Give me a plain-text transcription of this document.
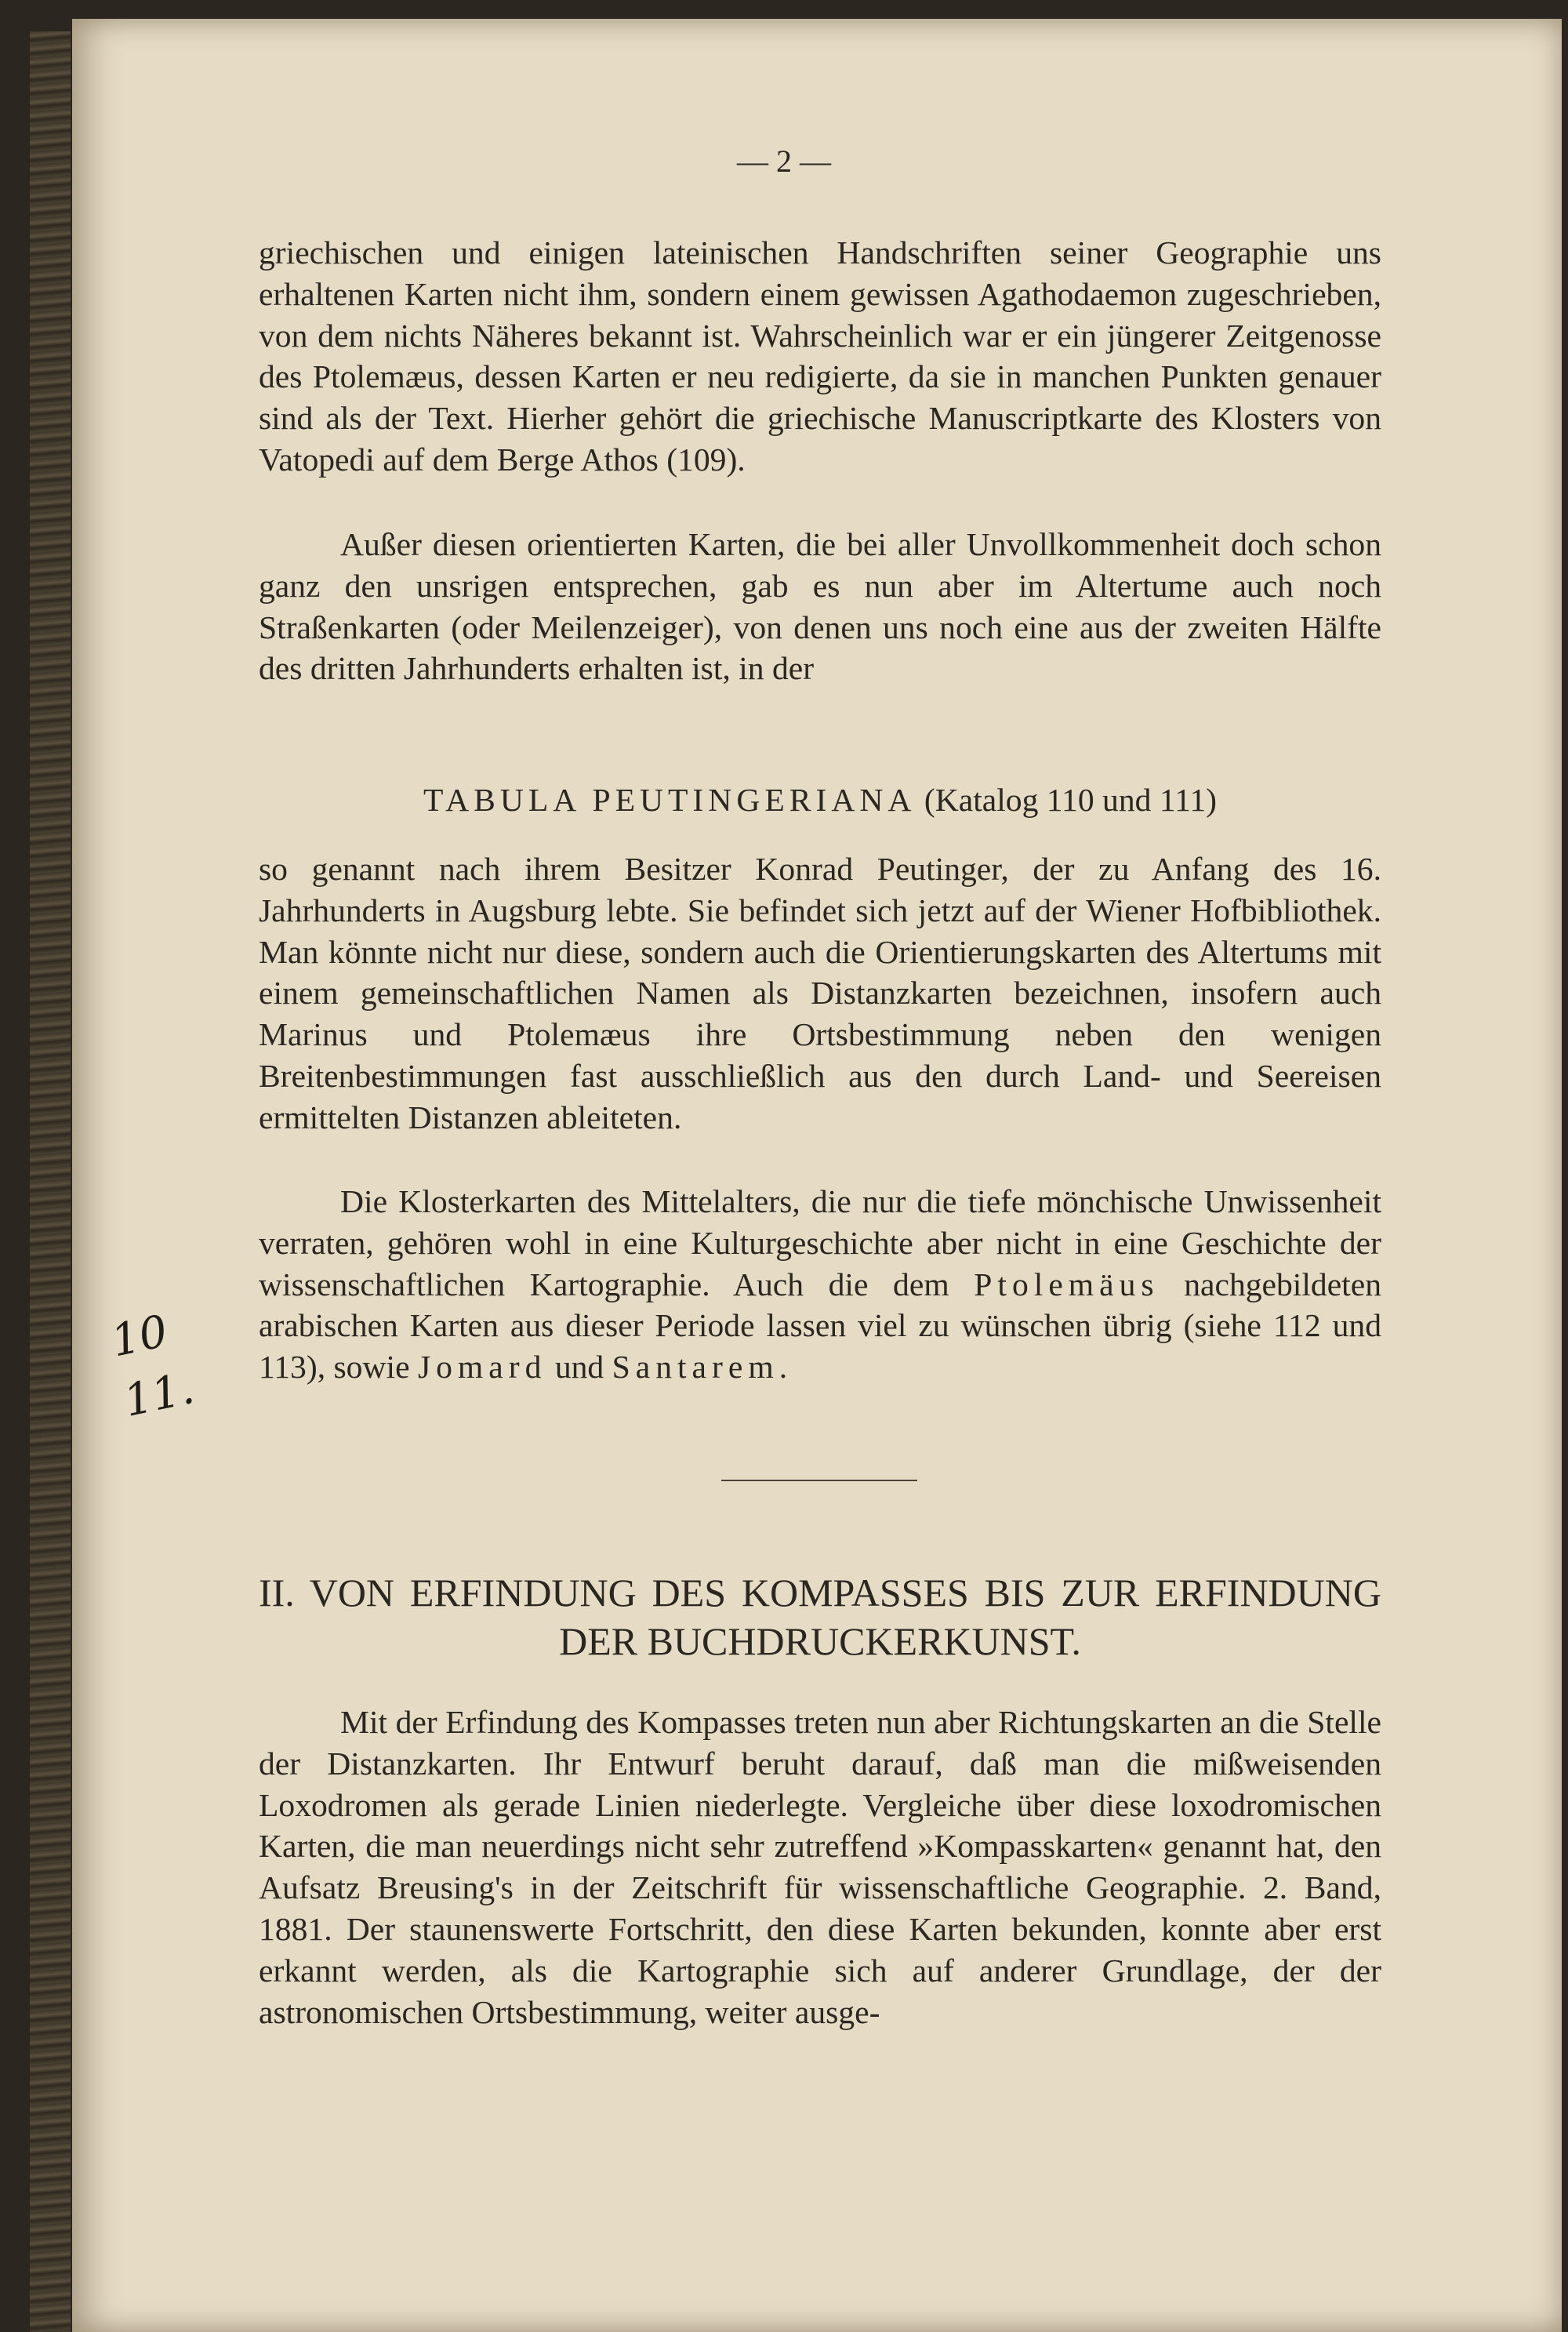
— 2 —

griechischen und einigen lateinischen Handschriften seiner Geographie uns erhaltenen Karten nicht ihm, sondern einem gewissen Agathodaemon zugeschrieben, von dem nichts Näheres bekannt ist. Wahrscheinlich war er ein jüngerer Zeitgenosse des Ptolemæus, dessen Karten er neu redigierte, da sie in manchen Punkten genauer sind als der Text. Hierher gehört die griechische Manuscriptkarte des Klosters von Vatopedi auf dem Berge Athos (109).

Außer diesen orientierten Karten, die bei aller Unvollkommenheit doch schon ganz den unsrigen entsprechen, gab es nun aber im Altertume auch noch Straßenkarten (oder Meilenzeiger), von denen uns noch eine aus der zweiten Hälfte des dritten Jahrhunderts erhalten ist, in der

TABULA PEUTINGERIANA (Katalog 110 und 111)

so genannt nach ihrem Besitzer Konrad Peutinger, der zu Anfang des 16. Jahrhunderts in Augsburg lebte. Sie befindet sich jetzt auf der Wiener Hofbibliothek. Man könnte nicht nur diese, sondern auch die Orientierungskarten des Altertums mit einem gemeinschaftlichen Namen als Distanzkarten bezeichnen, insofern auch Marinus und Ptolemæus ihre Ortsbestimmung neben den wenigen Breitenbestimmungen fast ausschließlich aus den durch Land- und Seereisen ermittelten Distanzen ableiteten.

Die Klosterkarten des Mittelalters, die nur die tiefe mönchische Unwissenheit verraten, gehören wohl in eine Kulturgeschichte aber nicht in eine Geschichte der wissenschaftlichen Kartographie. Auch die dem Ptolemäus nachgebildeten arabischen Karten aus dieser Periode lassen viel zu wünschen übrig (siehe 112 und 113), sowie Jomard und Santarem.

10
11.
II. VON ERFINDUNG DES KOMPASSES BIS ZUR ERFINDUNG DER BUCHDRUCKERKUNST.

Mit der Erfindung des Kompasses treten nun aber Richtungskarten an die Stelle der Distanzkarten. Ihr Entwurf beruht darauf, daß man die mißweisenden Loxodromen als gerade Linien niederlegte. Vergleiche über diese loxodromischen Karten, die man neuerdings nicht sehr zutreffend »Kompasskarten« genannt hat, den Aufsatz Breusing's in der Zeitschrift für wissenschaftliche Geographie. 2. Band, 1881. Der staunenswerte Fortschritt, den diese Karten bekunden, konnte aber erst erkannt werden, als die Kartographie sich auf anderer Grundlage, der der astronomischen Ortsbestimmung, weiter ausge-
